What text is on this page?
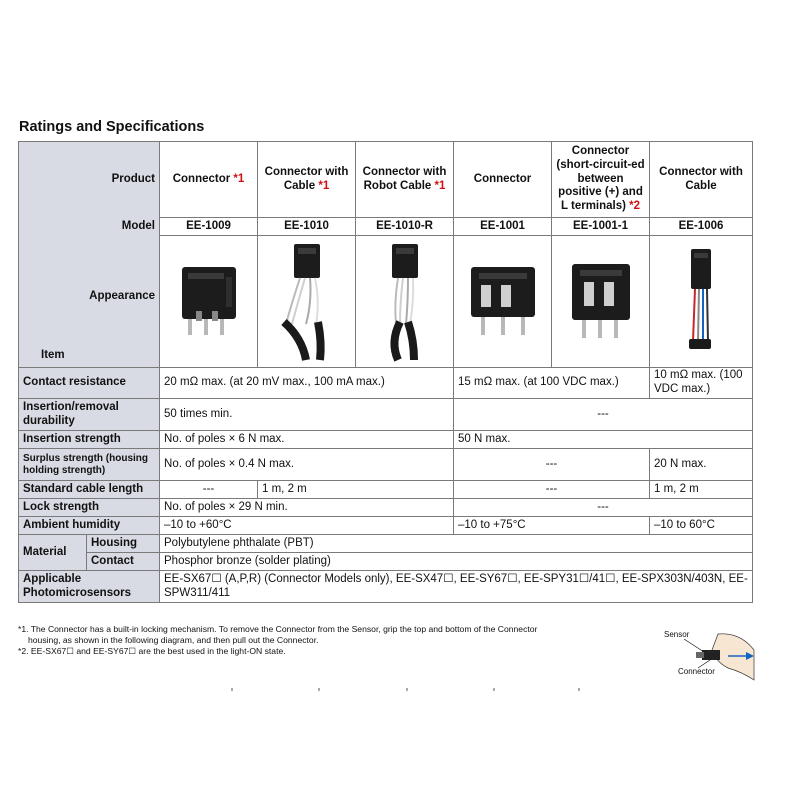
Ratings and Specifications
Product		Connector *1	Connector with Cable *1	Connector with Robot Cable *1	Connector	Connector (short-circuit-ed between positive (+) and L terminals) *2	Connector with Cable
Model		EE-1009	EE-1010	EE-1010-R	EE-1001	EE-1001-1	EE-1006

Appearance
Item

Contact resistance		20 mΩ max. (at 20 mV max., 100 mA max.)			15 mΩ max. (at 100 VDC max.)		10 mΩ max. (100 VDC max.)
Insertion/removal durability		50 times min.			---		
Insertion strength		No. of poles × 6 N max.			50 N max.		
Surplus strength (housing holding strength)		No. of poles × 0.4 N max.			---		20 N max.
Standard cable length		---	1 m, 2 m		---		1 m, 2 m
Lock strength		No. of poles × 29 N min.			---		
Ambient humidity		–10 to +60°C			–10 to +75°C		–10 to 60°C
Material	Housing	Polybutylene phthalate (PBT)					
	Contact	Phosphor bronze (solder plating)					
Applicable Photomicrosensors		EE-SX67☐ (A,P,R) (Connector Models only), EE-SX47☐, EE-SY67☐, EE-SPY31☐/41☐, EE-SPX303N/403N, EE-SPW311/411					
*1. The Connector has a built-in locking mechanism. To remove the Connector from the Sensor, grip the top and bottom of the Connector
housing, as shown in the following diagram, and then pull out the Connector.
*2. EE-SX67☐ and EE-SY67☐ are the best used in the light-ON state.
Sensor
Connector
